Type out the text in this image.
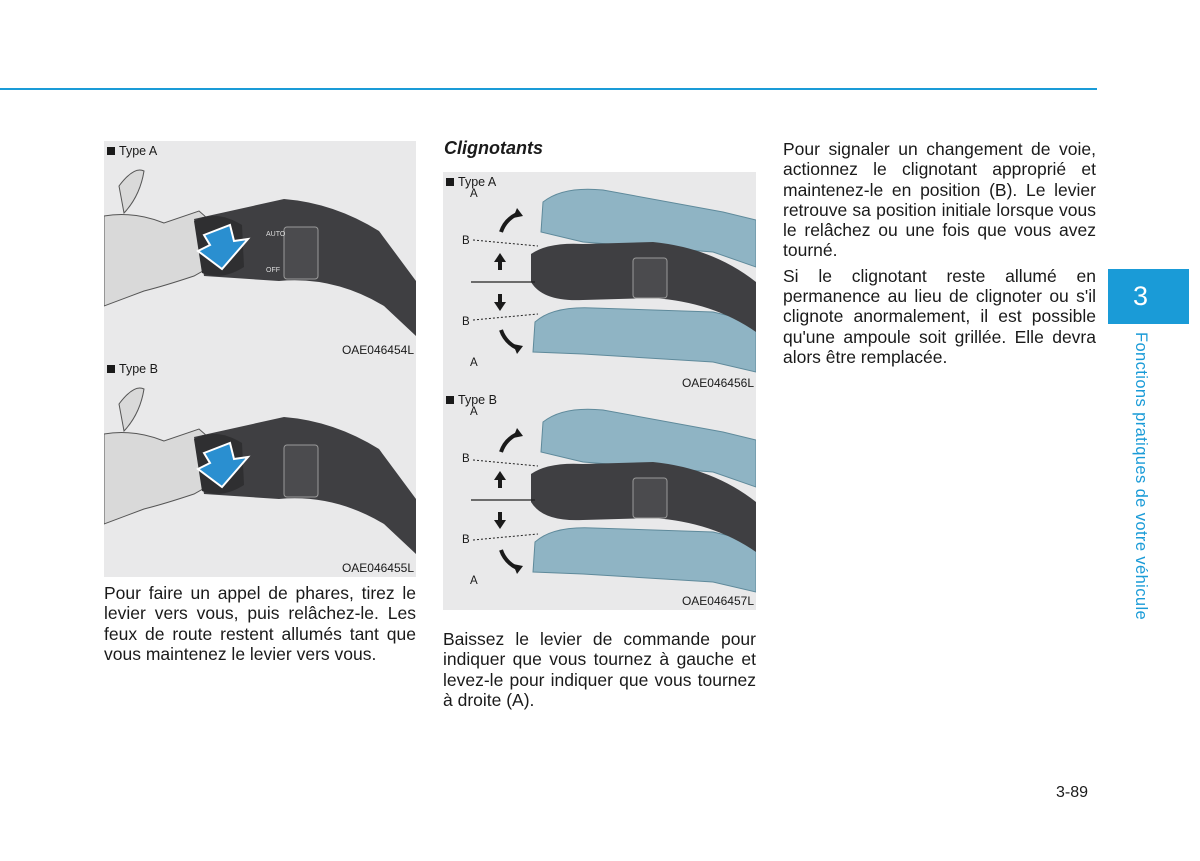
AUTO
OFF
Type A
OAE046454L
Type B
OAE046455L
Type A
A
B
B
A
OAE046456L
Type B
A
B
B
A
OAE046457L

Pour faire un appel de phares, tirez le levier vers vous, puis relâchez-le. Les feux de route restent allumés tant que vous maintenez le levier vers vous.

Clignotants

Baissez le levier de commande pour indiquer que vous tournez à gauche et levez-le pour indiquer que vous tournez à droite (A).

Pour signaler un changement de voie, actionnez le clignotant approprié et maintenez-le en position (B). Le levier retrouve sa position initiale lorsque vous le relâchez ou une fois que vous avez tourné.

Si le clignotant reste allumé en permanence au lieu de clignoter ou s'il clignote anormalement, il est possible qu'une ampoule soit grillée. Elle devra alors être remplacée.

3
Fonctions pratiques de votre véhicule
3-89
